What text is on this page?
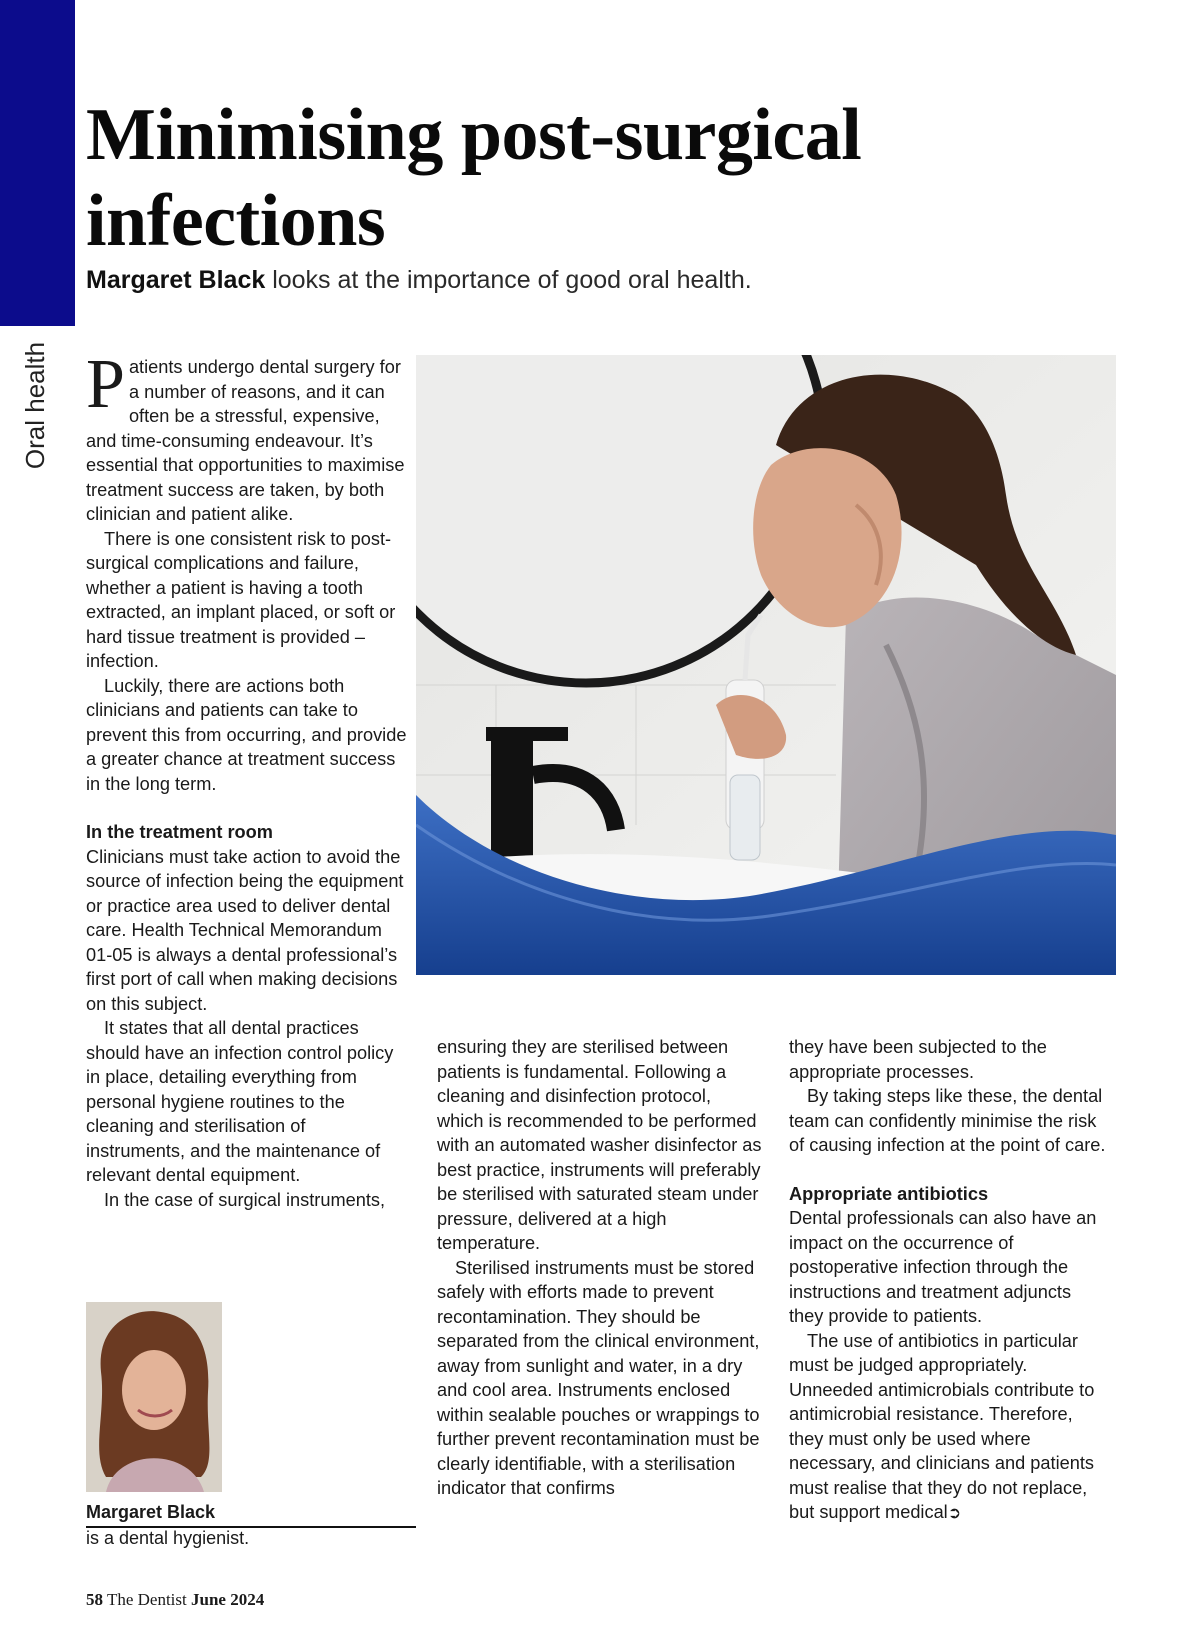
Oral health
Minimising post-surgical
infections
Margaret Black looks at the importance of good oral health.

Patients undergo dental surgery for a number of reasons, and it can often be a stressful, expensive, and time-consuming endeavour. It’s essential that opportunities to maximise treatment success are taken, by both clinician and patient alike.

There is one consistent risk to post-surgical complications and failure, whether a patient is having a tooth extracted, an implant placed, or soft or hard tissue treatment is provided – infection.

Luckily, there are actions both clinicians and patients can take to prevent this from occurring, and provide a greater chance at treatment success in the long term.

In the treatment room

Clinicians must take action to avoid the source of infection being the equipment or practice area used to deliver dental care. Health Technical Memorandum 01-05 is always a dental professional’s first port of call when making decisions on this subject.

It states that all dental practices should have an infection control policy in place, detailing everything from personal hygiene routines to the cleaning and sterilisation of instruments, and the maintenance of relevant dental equipment.

In the case of surgical instruments,

ensuring they are sterilised between patients is fundamental. Following a cleaning and disinfection protocol, which is recommended to be performed with an automated washer disinfector as best practice, instruments will preferably be sterilised with saturated steam under pressure, delivered at a high temperature.

Sterilised instruments must be stored safely with efforts made to prevent recontamination. They should be separated from the clinical environment, away from sunlight and water, in a dry and cool area. Instruments enclosed within sealable pouches or wrappings to further prevent recontamination must be clearly identifiable, with a sterilisation indicator that confirms

they have been subjected to the appropriate processes.

By taking steps like these, the dental team can confidently minimise the risk of causing infection at the point of care.

Appropriate antibiotics

Dental professionals can also have an impact on the occurrence of postoperative infection through the instructions and treatment adjuncts they provide to patients.

The use of antibiotics in particular must be judged appropriately. Unneeded antimicrobials contribute to antimicrobial resistance. Therefore, they must only be used where necessary, and clinicians and patients must realise that they do not replace, but support medical➲

Margaret Black
is a dental hygienist.
58 The Dentist June 2024
